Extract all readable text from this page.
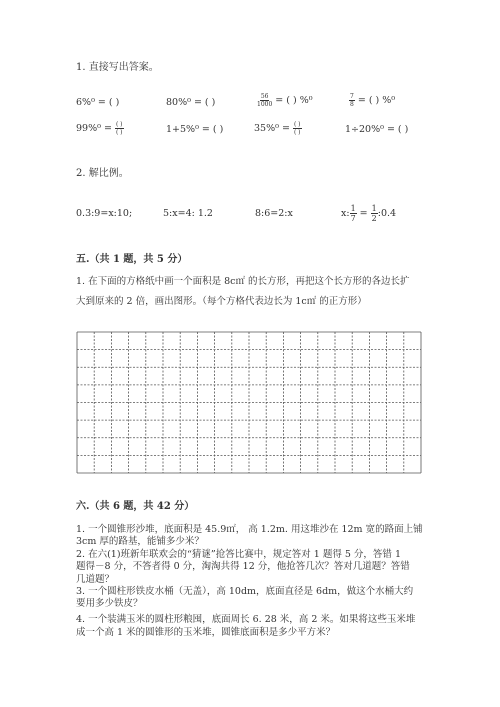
1. 直接写出答案。
6%⁰ = ( )	80%⁰ = ( )	$\frac{56}{1000}$ = ( ) %⁰	$\frac{7}{8}$ = ( ) %⁰
$99\%^0 = \frac{( )}{( )}$	1+5%⁰ = ( )	$35\%^0 = \frac{( )}{( )}$	1÷20%⁰ = ( )
2. 解比例。
0.3:9=x:10;	5:x=4: 1.2	8:6=2:x	x: $\frac{1}{7} = \frac{1}{2}$ :0.4
五.（共 1 题，共 5 分）
1. 在下面的方格纸中画一个面积是 8c㎡ 的长方形，再把这个长方形的各边长扩
大到原来的 2 倍，画出图形。（每个方格代表边长为 1c㎡ 的正方形）
六.（共 6 题，共 42 分）
1. 一个圆锥形沙堆，底面积是 45.9㎡， 高 1.2m. 用这堆沙在 12m 宽的路面上铺
3cm 厚的路基，能铺多少米？
2. 在六(1)班新年联欢会的“猜谜”抢答比赛中，规定答对 1 题得 5 分，答错 1
题得－8 分，不答者得 0 分，淘淘共得 12 分，他抢答几次？答对几道题？答错
几道题？
3. 一个圆柱形铁皮水桶（无盖），高 10dm，底面直径是 6dm，做这个水桶大约
要用多少铁皮？
4. 一个装满玉米的圆柱形粮囤，底面周长 6. 28 米，高 2 米。如果将这些玉米堆
成一个高 1 米的圆锥形的玉米堆，圆锥底面积是多少平方米？
